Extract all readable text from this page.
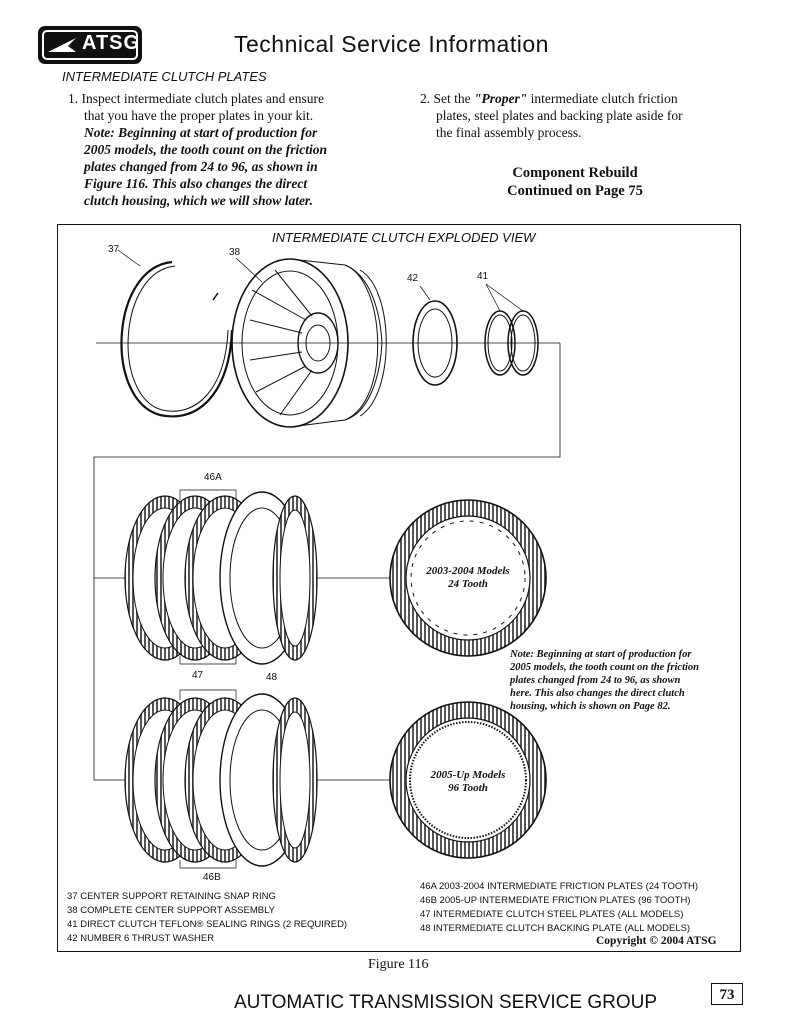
ATSG	Technical Service Information
INTERMEDIATE CLUTCH PLATES
1. Inspect intermediate clutch plates and ensure
that you have the proper plates in your kit.
Note: Beginning at start of production for
2005 models, the tooth count on the friction
plates changed from 24 to 96, as shown in
Figure 116. This also changes the direct
clutch housing, which we will show later.
2. Set the "Proper" intermediate clutch friction
plates, steel plates and backing plate aside for
the final assembly process.
Component Rebuild
Continued on Page 75
INTERMEDIATE CLUTCH EXPLODED VIEW
37	38
42	41
46A
47	48
46B
2003-2004 Models
24 Tooth
2005-Up Models
96 Tooth
Note: Beginning at start of production for
2005 models, the tooth count on the friction
plates changed from 24 to 96, as shown
here. This also changes the direct clutch
housing, which is shown on Page 82.
37 CENTER SUPPORT RETAINING SNAP RING
38 COMPLETE CENTER SUPPORT ASSEMBLY
41 DIRECT CLUTCH TEFLON® SEALING RINGS (2 REQUIRED)
42 NUMBER 6 THRUST WASHER
46A 2003-2004 INTERMEDIATE FRICTION PLATES (24 TOOTH)
46B 2005-UP INTERMEDIATE FRICTION PLATES (96 TOOTH)
47 INTERMEDIATE CLUTCH STEEL PLATES (ALL MODELS)
48 INTERMEDIATE CLUTCH BACKING PLATE (ALL MODELS)
Copyright © 2004 ATSG
Figure 116
AUTOMATIC TRANSMISSION SERVICE GROUP	73
